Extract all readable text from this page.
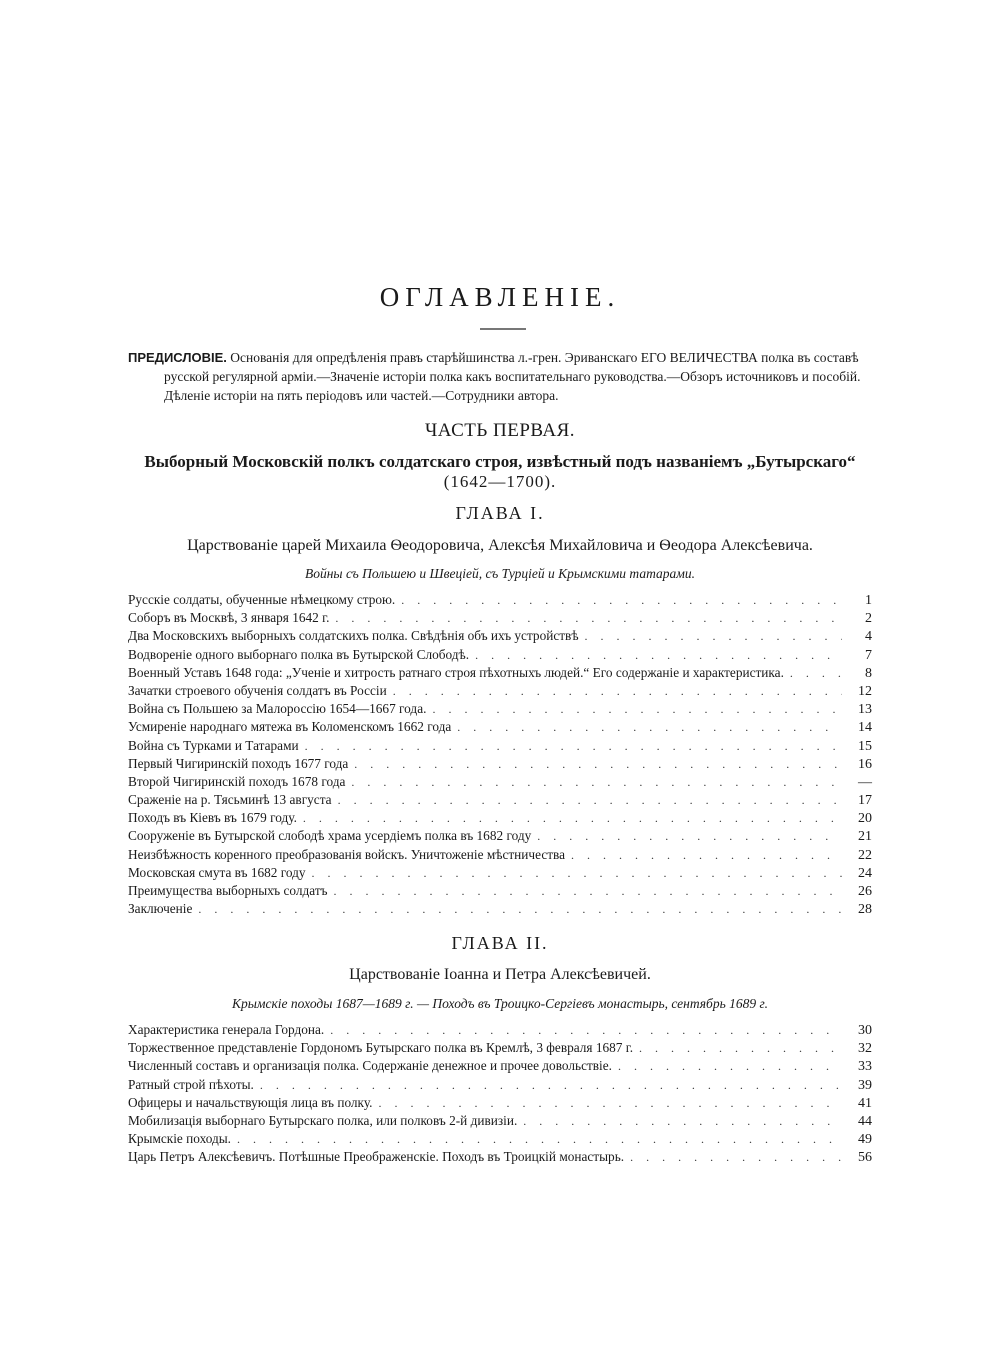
ОГЛАВЛЕНІЕ.
ПРЕДИСЛОВІЕ. Основанія для опредѣленія правъ старѣйшинства л.-грен. Эриванскаго ЕГО ВЕЛИЧЕСТВА полка въ составѣ
русской регулярной арміи.—Значеніе исторіи полка какъ воспитательнаго руководства.—Обзоръ источниковъ и пособій.
Дѣленіе исторіи на пять періодовъ или частей.—Сотрудники автора.
ЧАСТЬ ПЕРВАЯ.
Выборный Московскій полкъ солдатскаго строя, извѣстный подъ названіемъ „Бутырскаго“
(1642—1700).
ГЛАВА I.
Царствованіе царей Михаила Ѳеодоровича, Алексѣя Михайловича и Ѳеодора Алексѣевича.
Войны съ Польшею и Швеціей, съ Турціей и Крымскими татарами.
Русскіе солдаты, обученные нѣмецкому строю. . . .	1
Соборъ въ Москвѣ, 3 января 1642 г. . . .	2
Два Московскихъ выборныхъ солдатскихъ полка. Свѣдѣнія объ ихъ устройствѣ . . .	4
Водвореніе одного выборнаго полка въ Бутырской Слободѣ. . . .	7
Военный Уставъ 1648 года: „Ученіе и хитрость ратнаго строя пѣхотныхъ людей.“ Его содержаніе и характеристика. . . .	8
Зачатки строевого обученія солдатъ въ Россіи . . .	12
Война съ Польшею за Малороссію 1654—1667 года. . . .	13
Усмиреніе народнаго мятежа въ Коломенскомъ 1662 года . . .	14
Война съ Турками и Татарами . . .	15
Первый Чигиринскій походъ 1677 года . . .	16
Второй Чигиринскій походъ 1678 года . . .	—
Сраженіе на р. Тясьминѣ 13 августа . . .	17
Походъ въ Кіевъ въ 1679 году. . . .	20
Сооруженіе въ Бутырской слободѣ храма усердіемъ полка въ 1682 году . . .	21
Неизбѣжность коренного преобразованія войскъ. Уничтоженіе мѣстничества . . .	22
Московская смута въ 1682 году . . .	24
Преимущества выборныхъ солдатъ . . .	26
Заключеніе . . .	28
ГЛАВА II.
Царствованіе Іоанна и Петра Алексѣевичей.
Крымскіе походы 1687—1689 г. — Походъ въ Троицко-Сергіевъ монастырь, сентябрь 1689 г.
Характеристика генерала Гордона. . . .	30
Торжественное представленіе Гордономъ Бутырскаго полка въ Кремлѣ, 3 февраля 1687 г. . . .	32
Численный составъ и организація полка. Содержаніе денежное и прочее довольствіе. . . .	33
Ратный строй пѣхоты. . . .	39
Офицеры и начальствующія лица въ полку. . . .	41
Мобилизація выборнаго Бутырскаго полка, или полковъ 2-й дивизіи. . . .	44
Крымскіе походы. . . .	49
Царь Петръ Алексѣевичъ. Потѣшные Преображенскіе. Походъ въ Троицкій монастырь. . . .	56
